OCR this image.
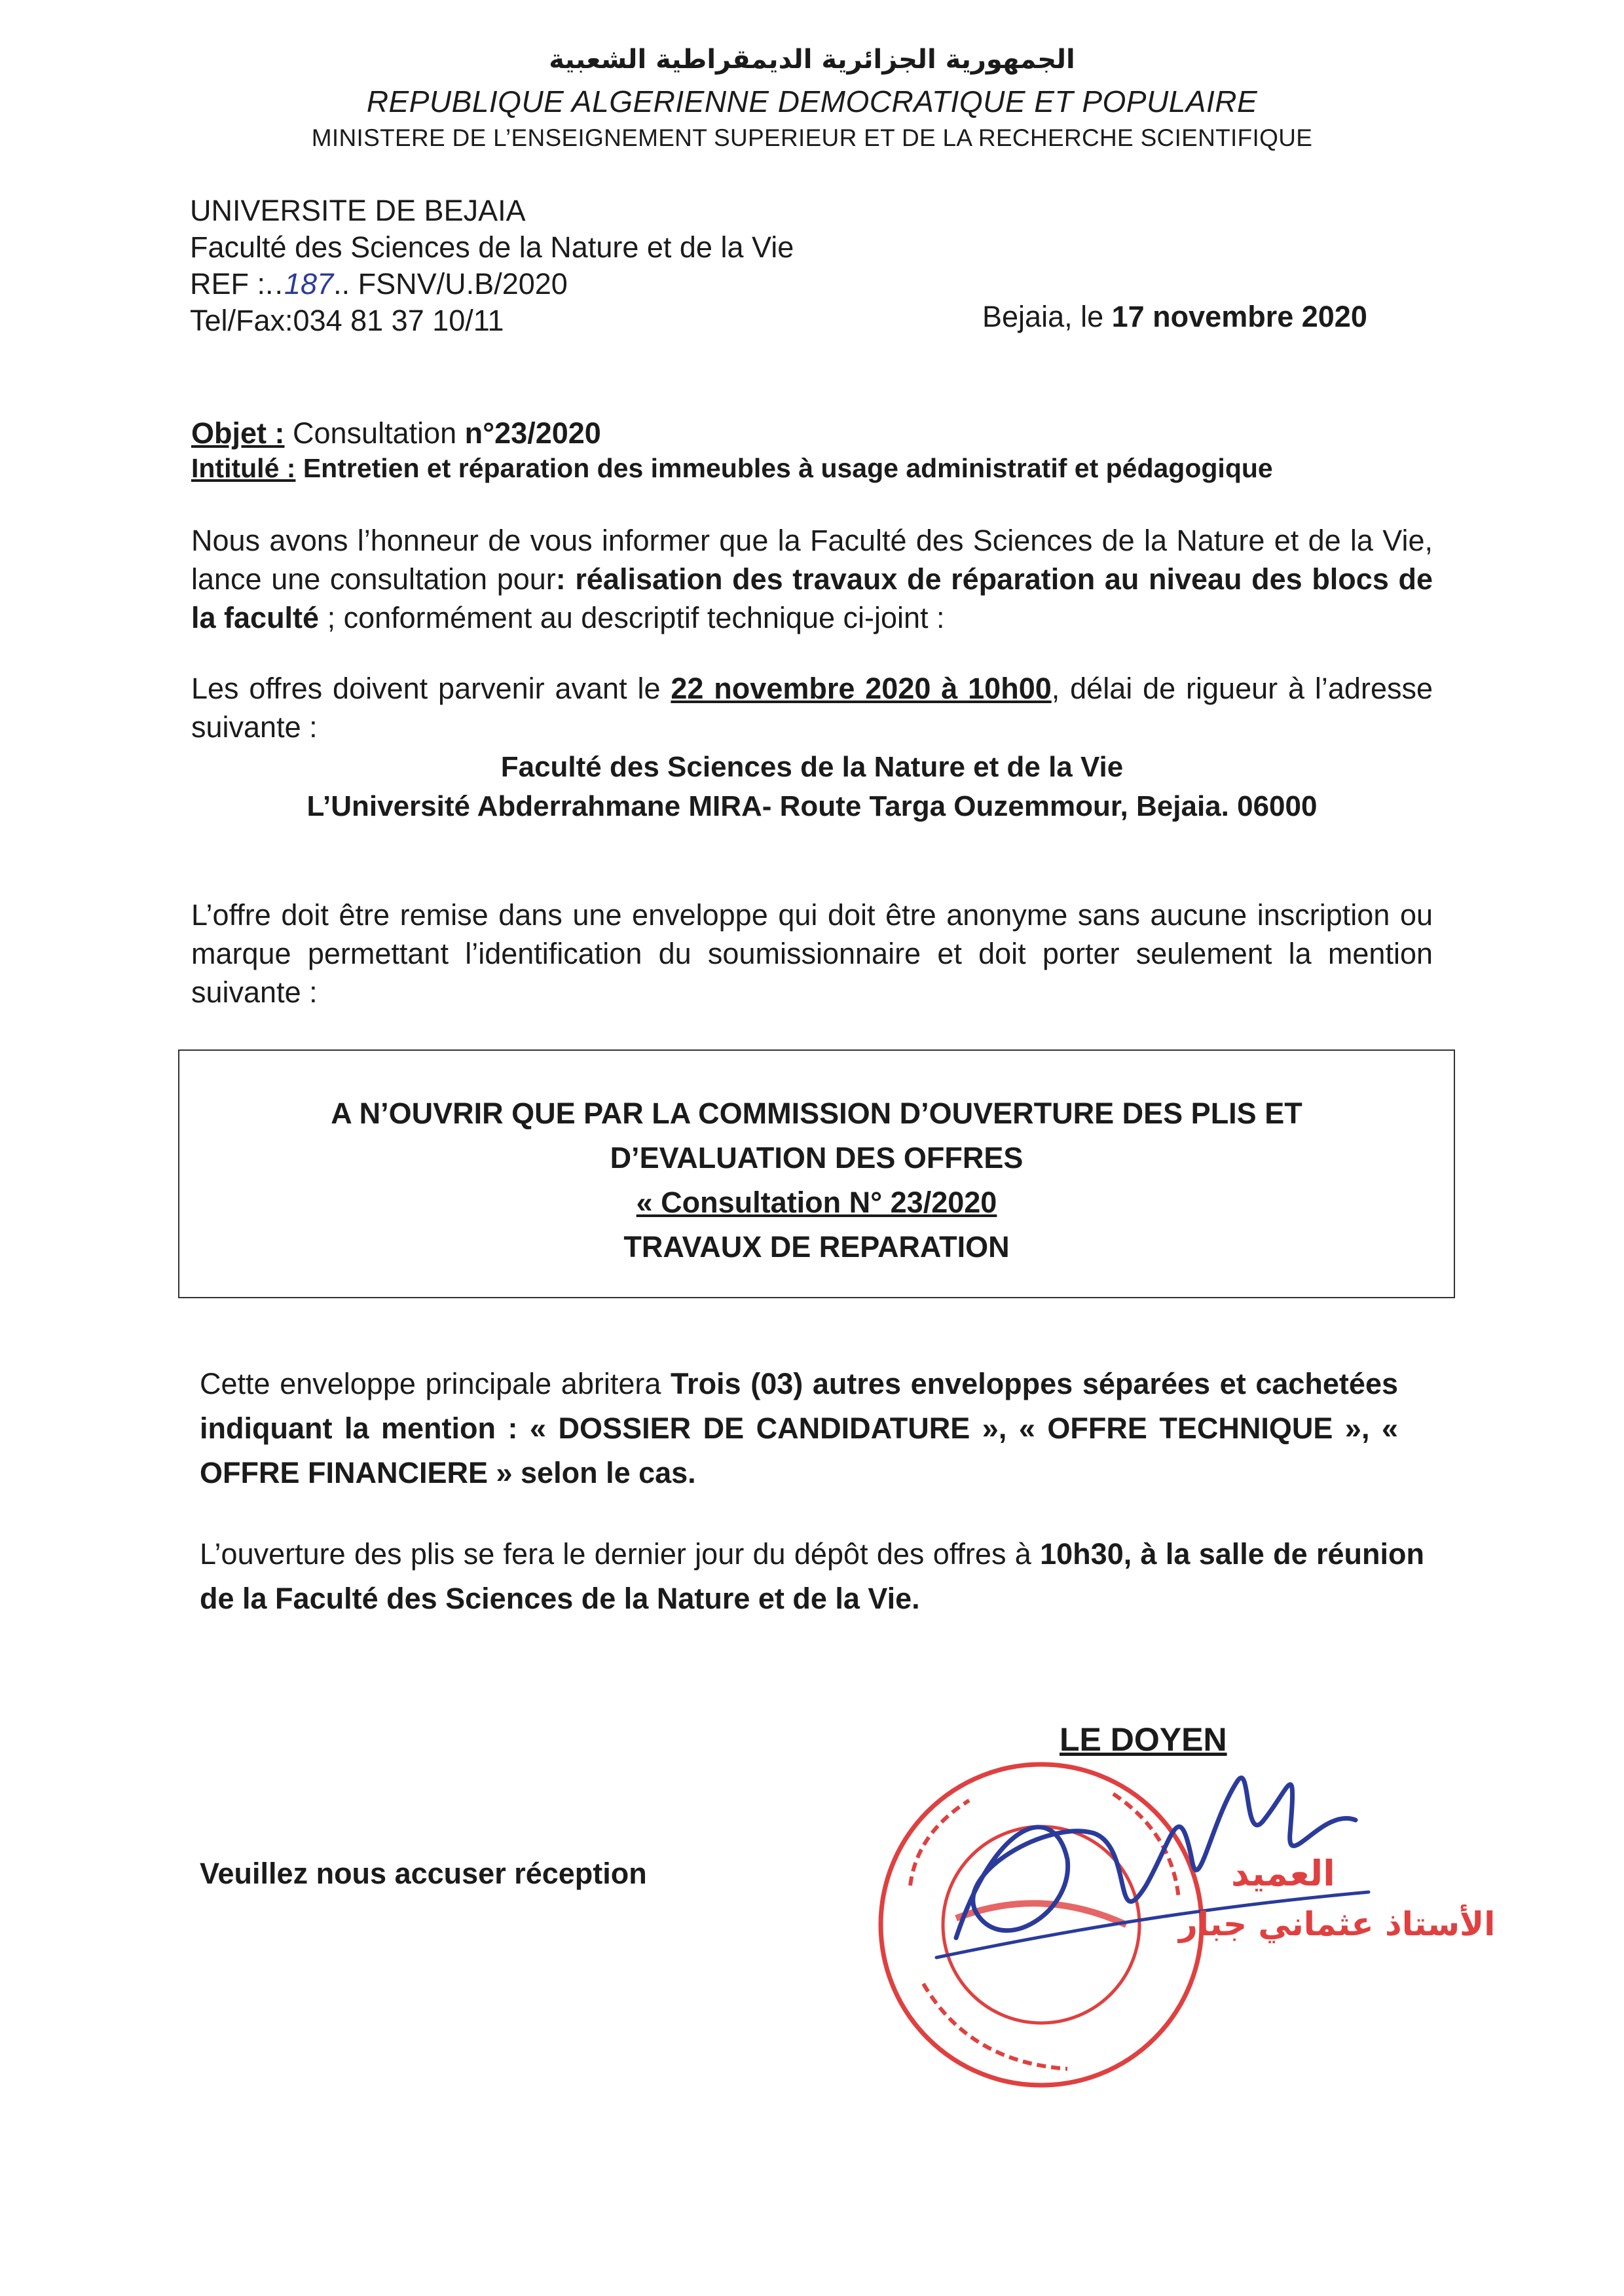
الجمهورية الجزائرية الديمقراطية الشعبية
REPUBLIQUE ALGERIENNE DEMOCRATIQUE ET POPULAIRE
MINISTERE DE L’ENSEIGNEMENT SUPERIEUR ET DE LA RECHERCHE SCIENTIFIQUE
UNIVERSITE DE BEJAIA
Faculté des Sciences de la Nature et de la Vie
REF :..187.. FSNV/U.B/2020
Tel/Fax:034 81 37 10/11	Bejaia, le 17 novembre 2020
Objet : Consultation n°23/2020
Intitulé : Entretien et réparation des immeubles à usage administratif et pédagogique
Nous avons l’honneur de vous informer que la Faculté des Sciences de la Nature et de la Vie, lance une consultation pour: réalisation des travaux de réparation au niveau des blocs de la faculté ; conformément au descriptif technique ci-joint :
Les offres doivent parvenir avant le 22 novembre 2020 à 10h00, délai de rigueur à l’adresse suivante :
Faculté des Sciences de la Nature et de la Vie
L’Université Abderrahmane MIRA- Route Targa Ouzemmour, Bejaia. 06000
L’offre doit être remise dans une enveloppe qui doit être anonyme sans aucune inscription ou marque permettant l’identification du soumissionnaire et doit porter seulement la mention suivante :
A N’OUVRIR QUE PAR LA COMMISSION D’OUVERTURE DES PLIS ET
D’EVALUATION DES OFFRES
« Consultation N° 23/2020
TRAVAUX DE REPARATION
Cette enveloppe principale abritera Trois (03) autres enveloppes séparées et cachetées indiquant la mention : « DOSSIER DE CANDIDATURE », « OFFRE TECHNIQUE », « OFFRE FINANCIERE » selon le cas.
L’ouverture des plis se fera le dernier jour du dépôt des offres à 10h30, à la salle de réunion de la Faculté des Sciences de la Nature et de la Vie.
LE DOYEN
Veuillez nous accuser réception	العميد
الأستاذ عثماني جبار
